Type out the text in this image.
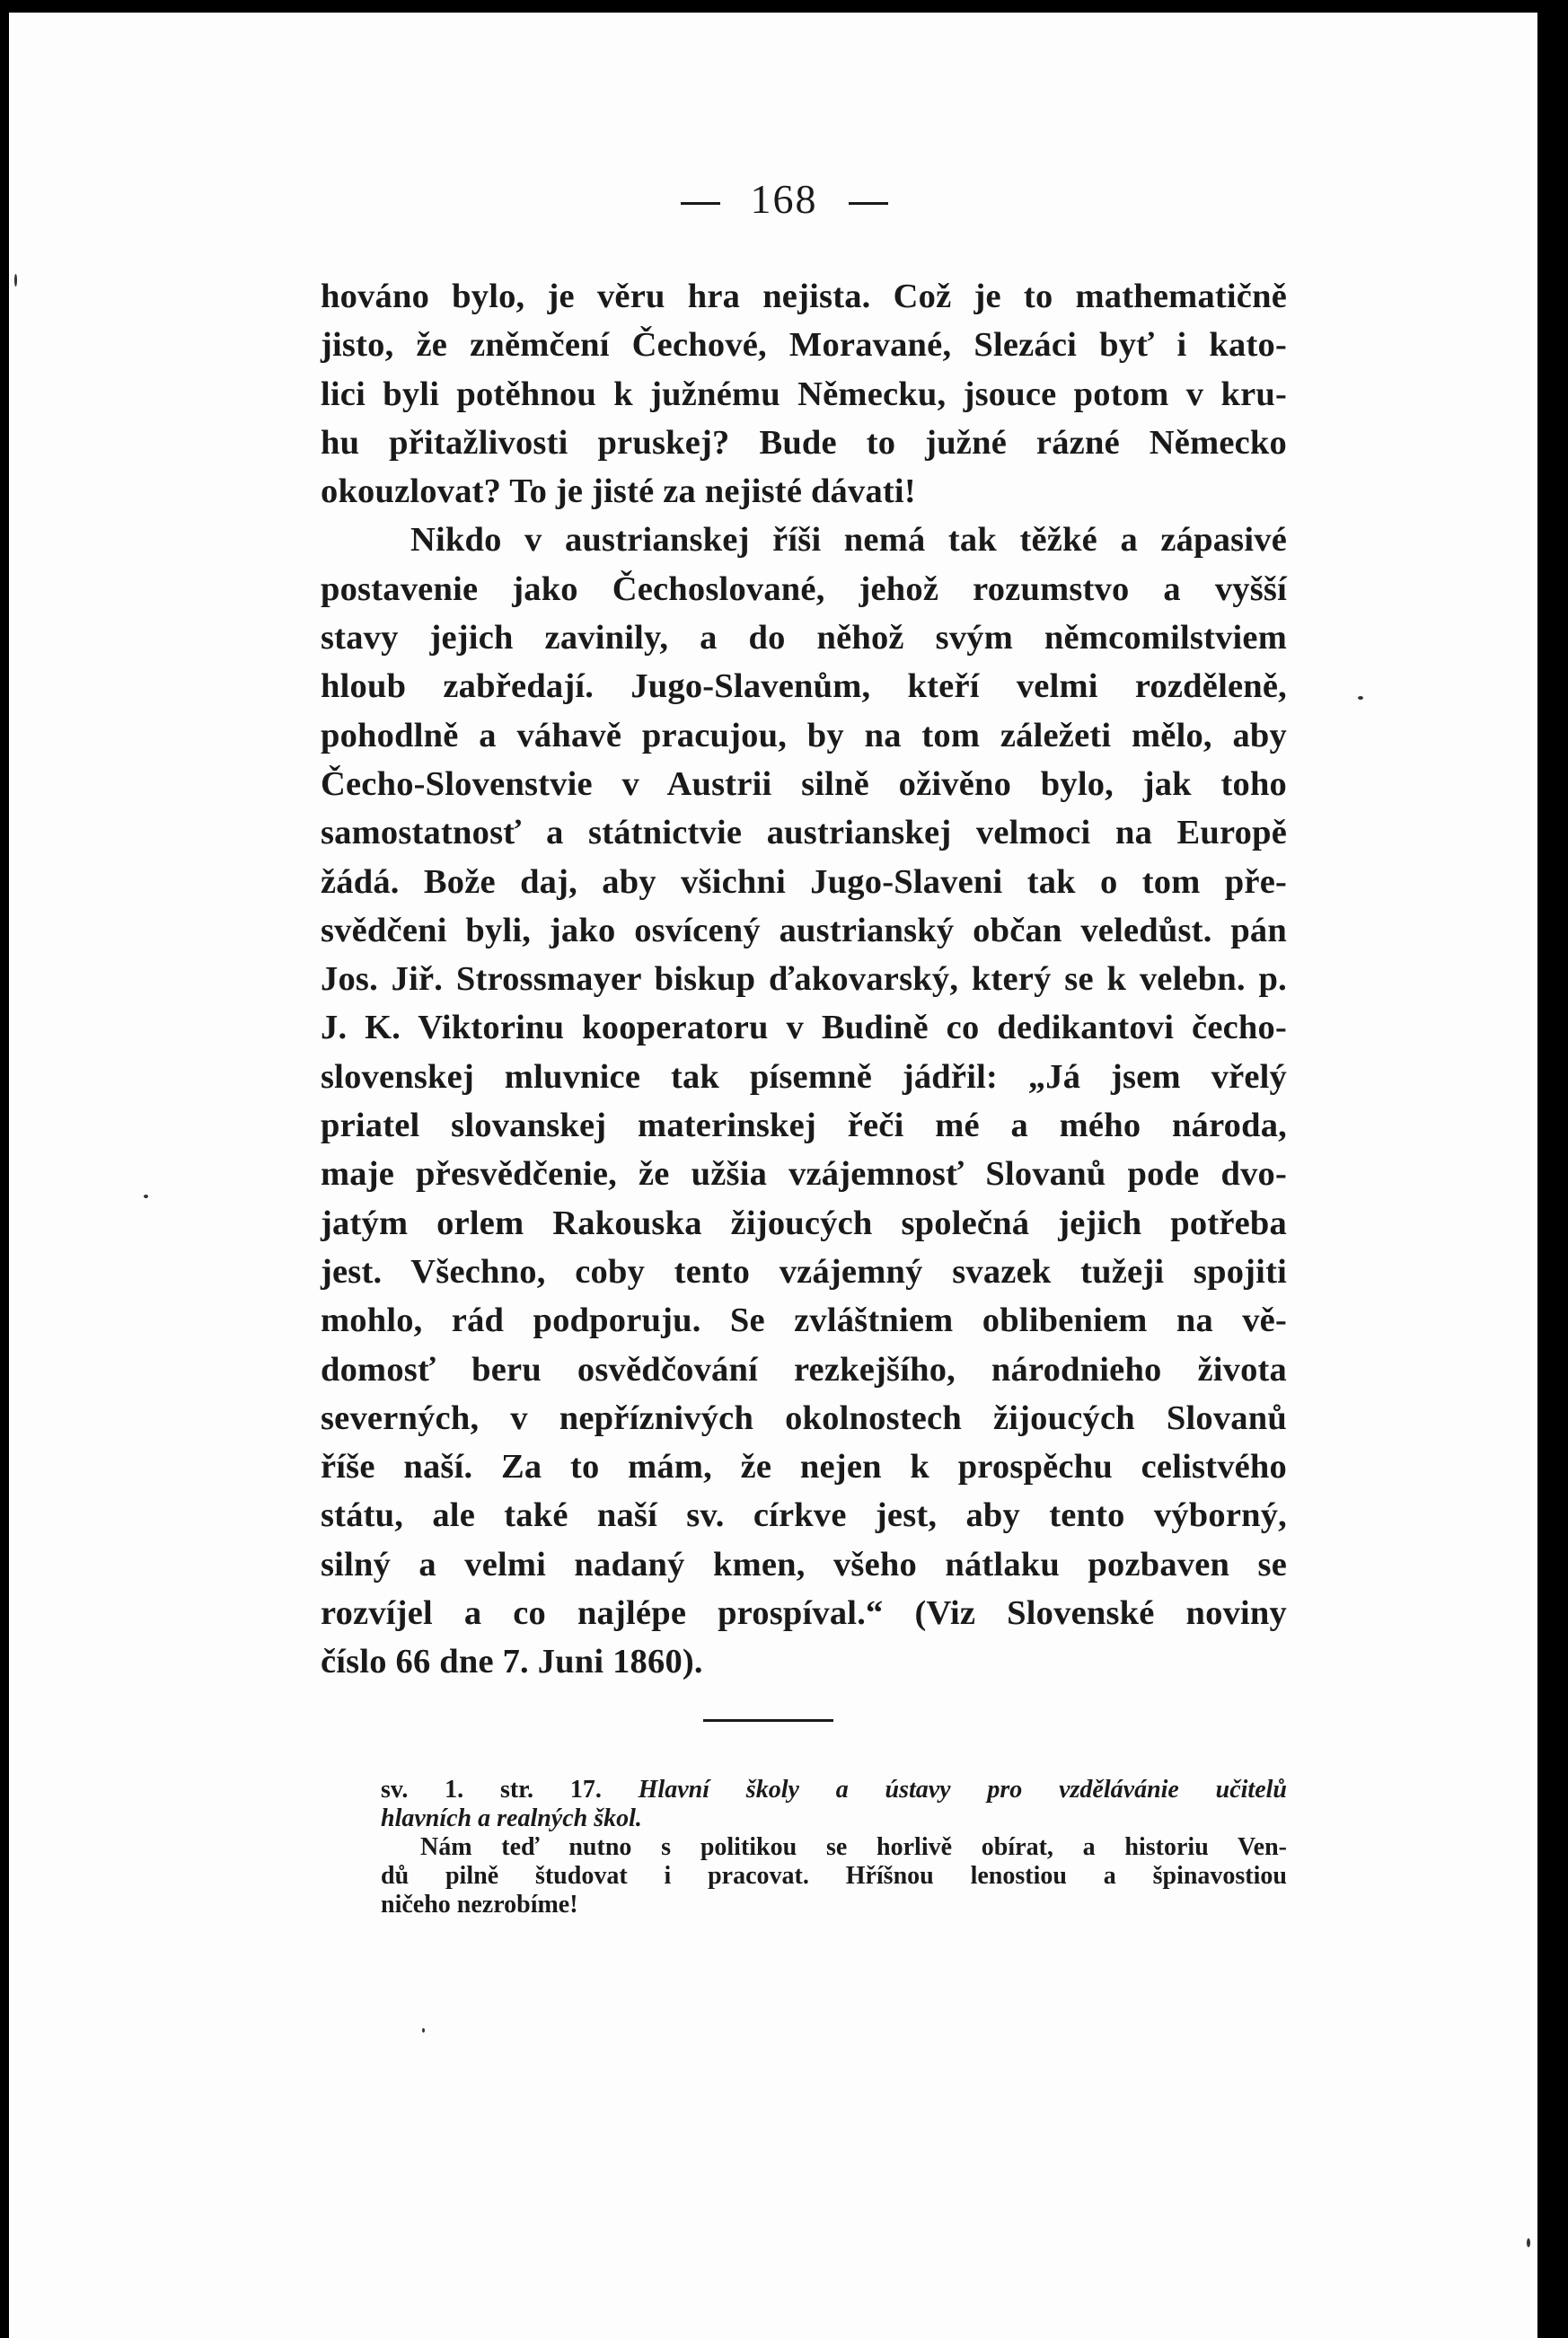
168
hováno bylo, je věru hra nejista. Což je to mathematičně
jisto, že zněmčení Čechové, Moravané, Slezáci byť i kato-
lici byli potěhnou k južnému Německu, jsouce potom v kru-
hu přitažlivosti pruskej? Bude to južné rázné Německo
okouzlovat? To je jisté za nejisté dávati!
Nikdo v austrianskej říši nemá tak těžké a zápasivé
postavenie jako Čechoslované, jehož rozumstvo a vyšší
stavy jejich zavinily, a do něhož svým němcomilstviem
hloub zabředají. Jugo-Slavenům, kteří velmi rozděleně,
pohodlně a váhavě pracujou, by na tom záležeti mělo, aby
Čecho-Slovenstvie v Austrii silně oživěno bylo, jak toho
samostatnosť a státnictvie austrianskej velmoci na Europě
žádá. Bože daj, aby všichni Jugo-Slaveni tak o tom pře-
svědčeni byli, jako osvícený austrianský občan veledůst. pán
Jos. Jiř. Strossmayer biskup ďakovarský, který se k velebn. p.
J. K. Viktorinu kooperatoru v Budině co dedikantovi čecho-
slovenskej mluvnice tak písemně jádřil: „Já jsem vřelý
priatel slovanskej materinskej řeči mé a mého národa,
maje přesvědčenie, že užšia vzájemnosť Slovanů pode dvo-
jatým orlem Rakouska žijoucých společná jejich potřeba
jest. Všechno, coby tento vzájemný svazek tužeji spojiti
mohlo, rád podporuju. Se zvláštniem oblibeniem na vě-
domosť beru osvědčování rezkejšího, národnieho života
severných, v nepříznivých okolnostech žijoucých Slovanů
říše naší. Za to mám, že nejen k prospěchu celistvého
státu, ale také naší sv. církve jest, aby tento výborný,
silný a velmi nadaný kmen, všeho nátlaku pozbaven se
rozvíjel a co najlépe prospíval.“ (Viz Slovenské noviny
číslo 66 dne 7. Juni 1860).
sv. 1. str. 17. Hlavní školy a ústavy pro vzdělávánie učitelů
hlavních a realných škol.
Nám teď nutno s politikou se horlivě obírat, a historiu Ven-
dů pilně študovat i pracovat. Hříšnou lenostiou a špinavostiou
ničeho nezrobíme!
